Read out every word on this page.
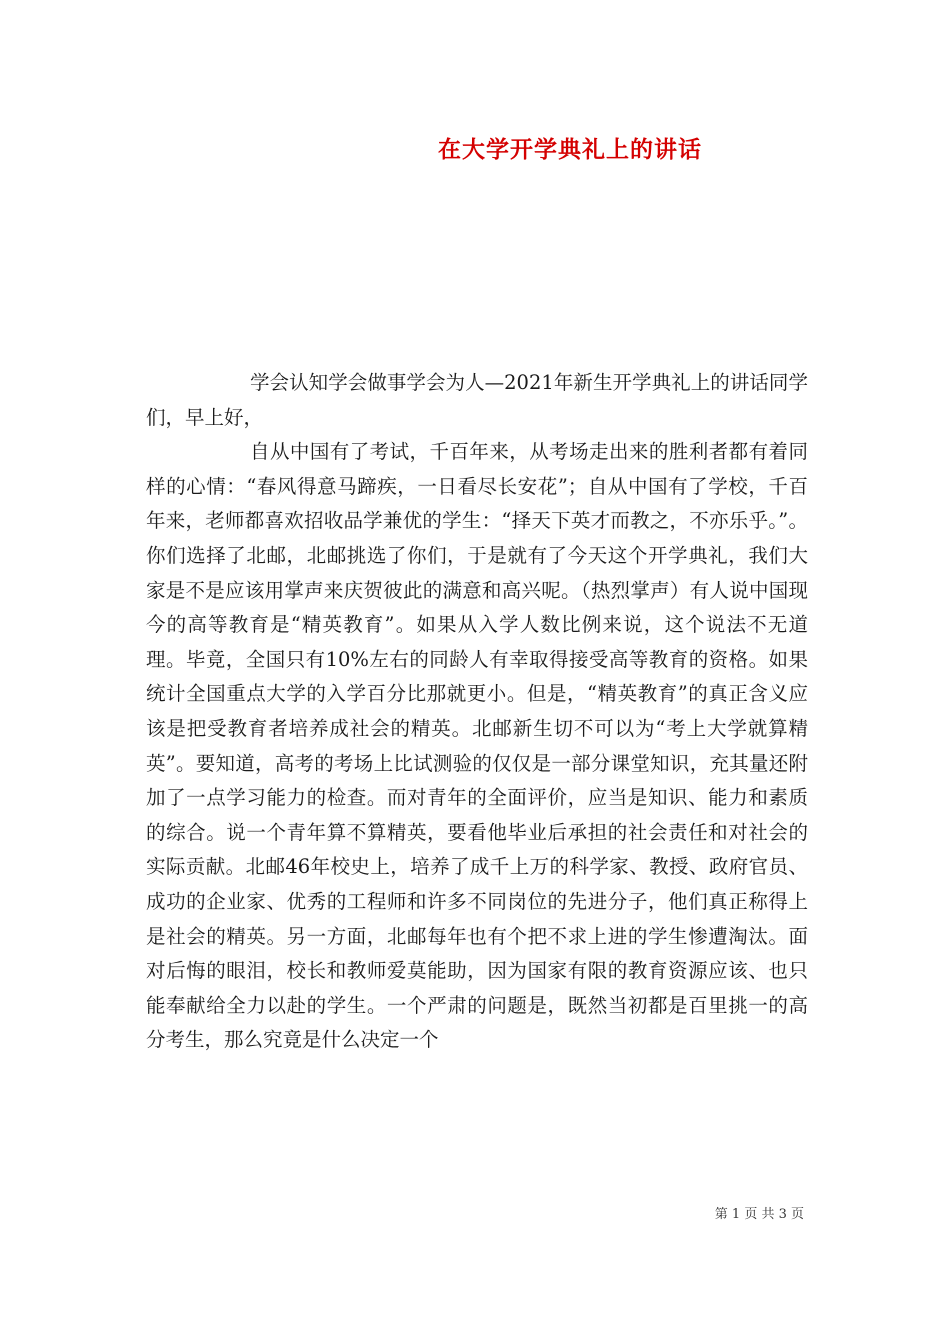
在大学开学典礼上的讲话

学会认知学会做事学会为人—2021年新生开学典礼上的讲话同学们，早上好，

自从中国有了考试，千百年来，从考场走出来的胜利者都有着同样的心情：“春风得意马蹄疾，一日看尽长安花”；自从中国有了学校，千百年来，老师都喜欢招收品学兼优的学生：“择天下英才而教之，不亦乐乎。”。你们选择了北邮，北邮挑选了你们，于是就有了今天这个开学典礼，我们大家是不是应该用掌声来庆贺彼此的满意和高兴呢。（热烈掌声）有人说中国现今的高等教育是“精英教育”。如果从入学人数比例来说，这个说法不无道理。毕竟，全国只有10%左右的同龄人有幸取得接受高等教育的资格。如果统计全国重点大学的入学百分比那就更小。但是，“精英教育”的真正含义应该是把受教育者培养成社会的精英。北邮新生切不可以为“考上大学就算精英”。要知道，高考的考场上比试测验的仅仅是一部分课堂知识，充其量还附加了一点学习能力的检查。而对青年的全面评价，应当是知识、能力和素质的综合。说一个青年算不算精英，要看他毕业后承担的社会责任和对社会的实际贡献。北邮46年校史上，培养了成千上万的科学家、教授、政府官员、成功的企业家、优秀的工程师和许多不同岗位的先进分子，他们真正称得上是社会的精英。另一方面，北邮每年也有个把不求上进的学生惨遭淘汰。面对后悔的眼泪，校长和教师爱莫能助，因为国家有限的教育资源应该、也只能奉献给全力以赴的学生。一个严肃的问题是，既然当初都是百里挑一的高分考生，那么究竟是什么决定一个

第 1 页 共 3 页
